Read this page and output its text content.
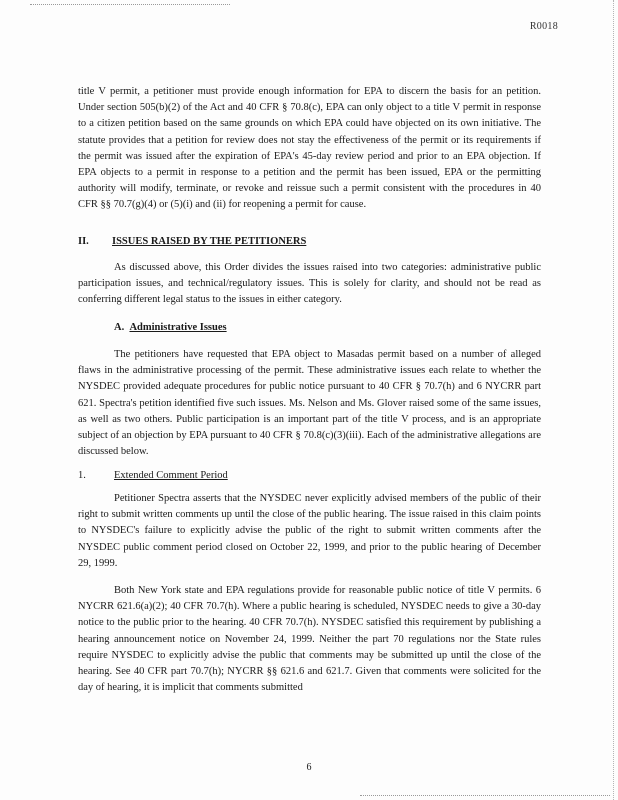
R0018

title V permit, a petitioner must provide enough information for EPA to discern the basis for an petition. Under section 505(b)(2) of the Act and 40 CFR § 70.8(c), EPA can only object to a title V permit in response to a citizen petition based on the same grounds on which EPA could have objected on its own initiative. The statute provides that a petition for review does not stay the effectiveness of the permit or its requirements if the permit was issued after the expiration of EPA's 45-day review period and prior to an EPA objection. If EPA objects to a permit in response to a petition and the permit has been issued, EPA or the permitting authority will modify, terminate, or revoke and reissue such a permit consistent with the procedures in 40 CFR §§ 70.7(g)(4) or (5)(i) and (ii) for reopening a permit for cause.

II. ISSUES RAISED BY THE PETITIONERS

As discussed above, this Order divides the issues raised into two categories: administrative public participation issues, and technical/regulatory issues. This is solely for clarity, and should not be read as conferring different legal status to the issues in either category.

A. Administrative Issues

The petitioners have requested that EPA object to Masadas permit based on a number of alleged flaws in the administrative processing of the permit. These administrative issues each relate to whether the NYSDEC provided adequate procedures for public notice pursuant to 40 CFR § 70.7(h) and 6 NYCRR part 621. Spectra's petition identified five such issues. Ms. Nelson and Ms. Glover raised some of the same issues, as well as two others. Public participation is an important part of the title V process, and is an appropriate subject of an objection by EPA pursuant to 40 CFR § 70.8(c)(3)(iii). Each of the administrative allegations are discussed below.

1.	Extended Comment Period

Petitioner Spectra asserts that the NYSDEC never explicitly advised members of the public of their right to submit written comments up until the close of the public hearing. The issue raised in this claim points to NYSDEC's failure to explicitly advise the public of the right to submit written comments after the NYSDEC public comment period closed on October 22, 1999, and prior to the public hearing of December 29, 1999.

Both New York state and EPA regulations provide for reasonable public notice of title V permits. 6 NYCRR 621.6(a)(2); 40 CFR 70.7(h). Where a public hearing is scheduled, NYSDEC needs to give a 30-day notice to the public prior to the hearing. 40 CFR 70.7(h). NYSDEC satisfied this requirement by publishing a hearing announcement notice on November 24, 1999. Neither the part 70 regulations nor the State rules require NYSDEC to explicitly advise the public that comments may be submitted up until the close of the hearing. See 40 CFR part 70.7(h); NYCRR §§ 621.6 and 621.7. Given that comments were solicited for the day of hearing, it is implicit that comments submitted

6
